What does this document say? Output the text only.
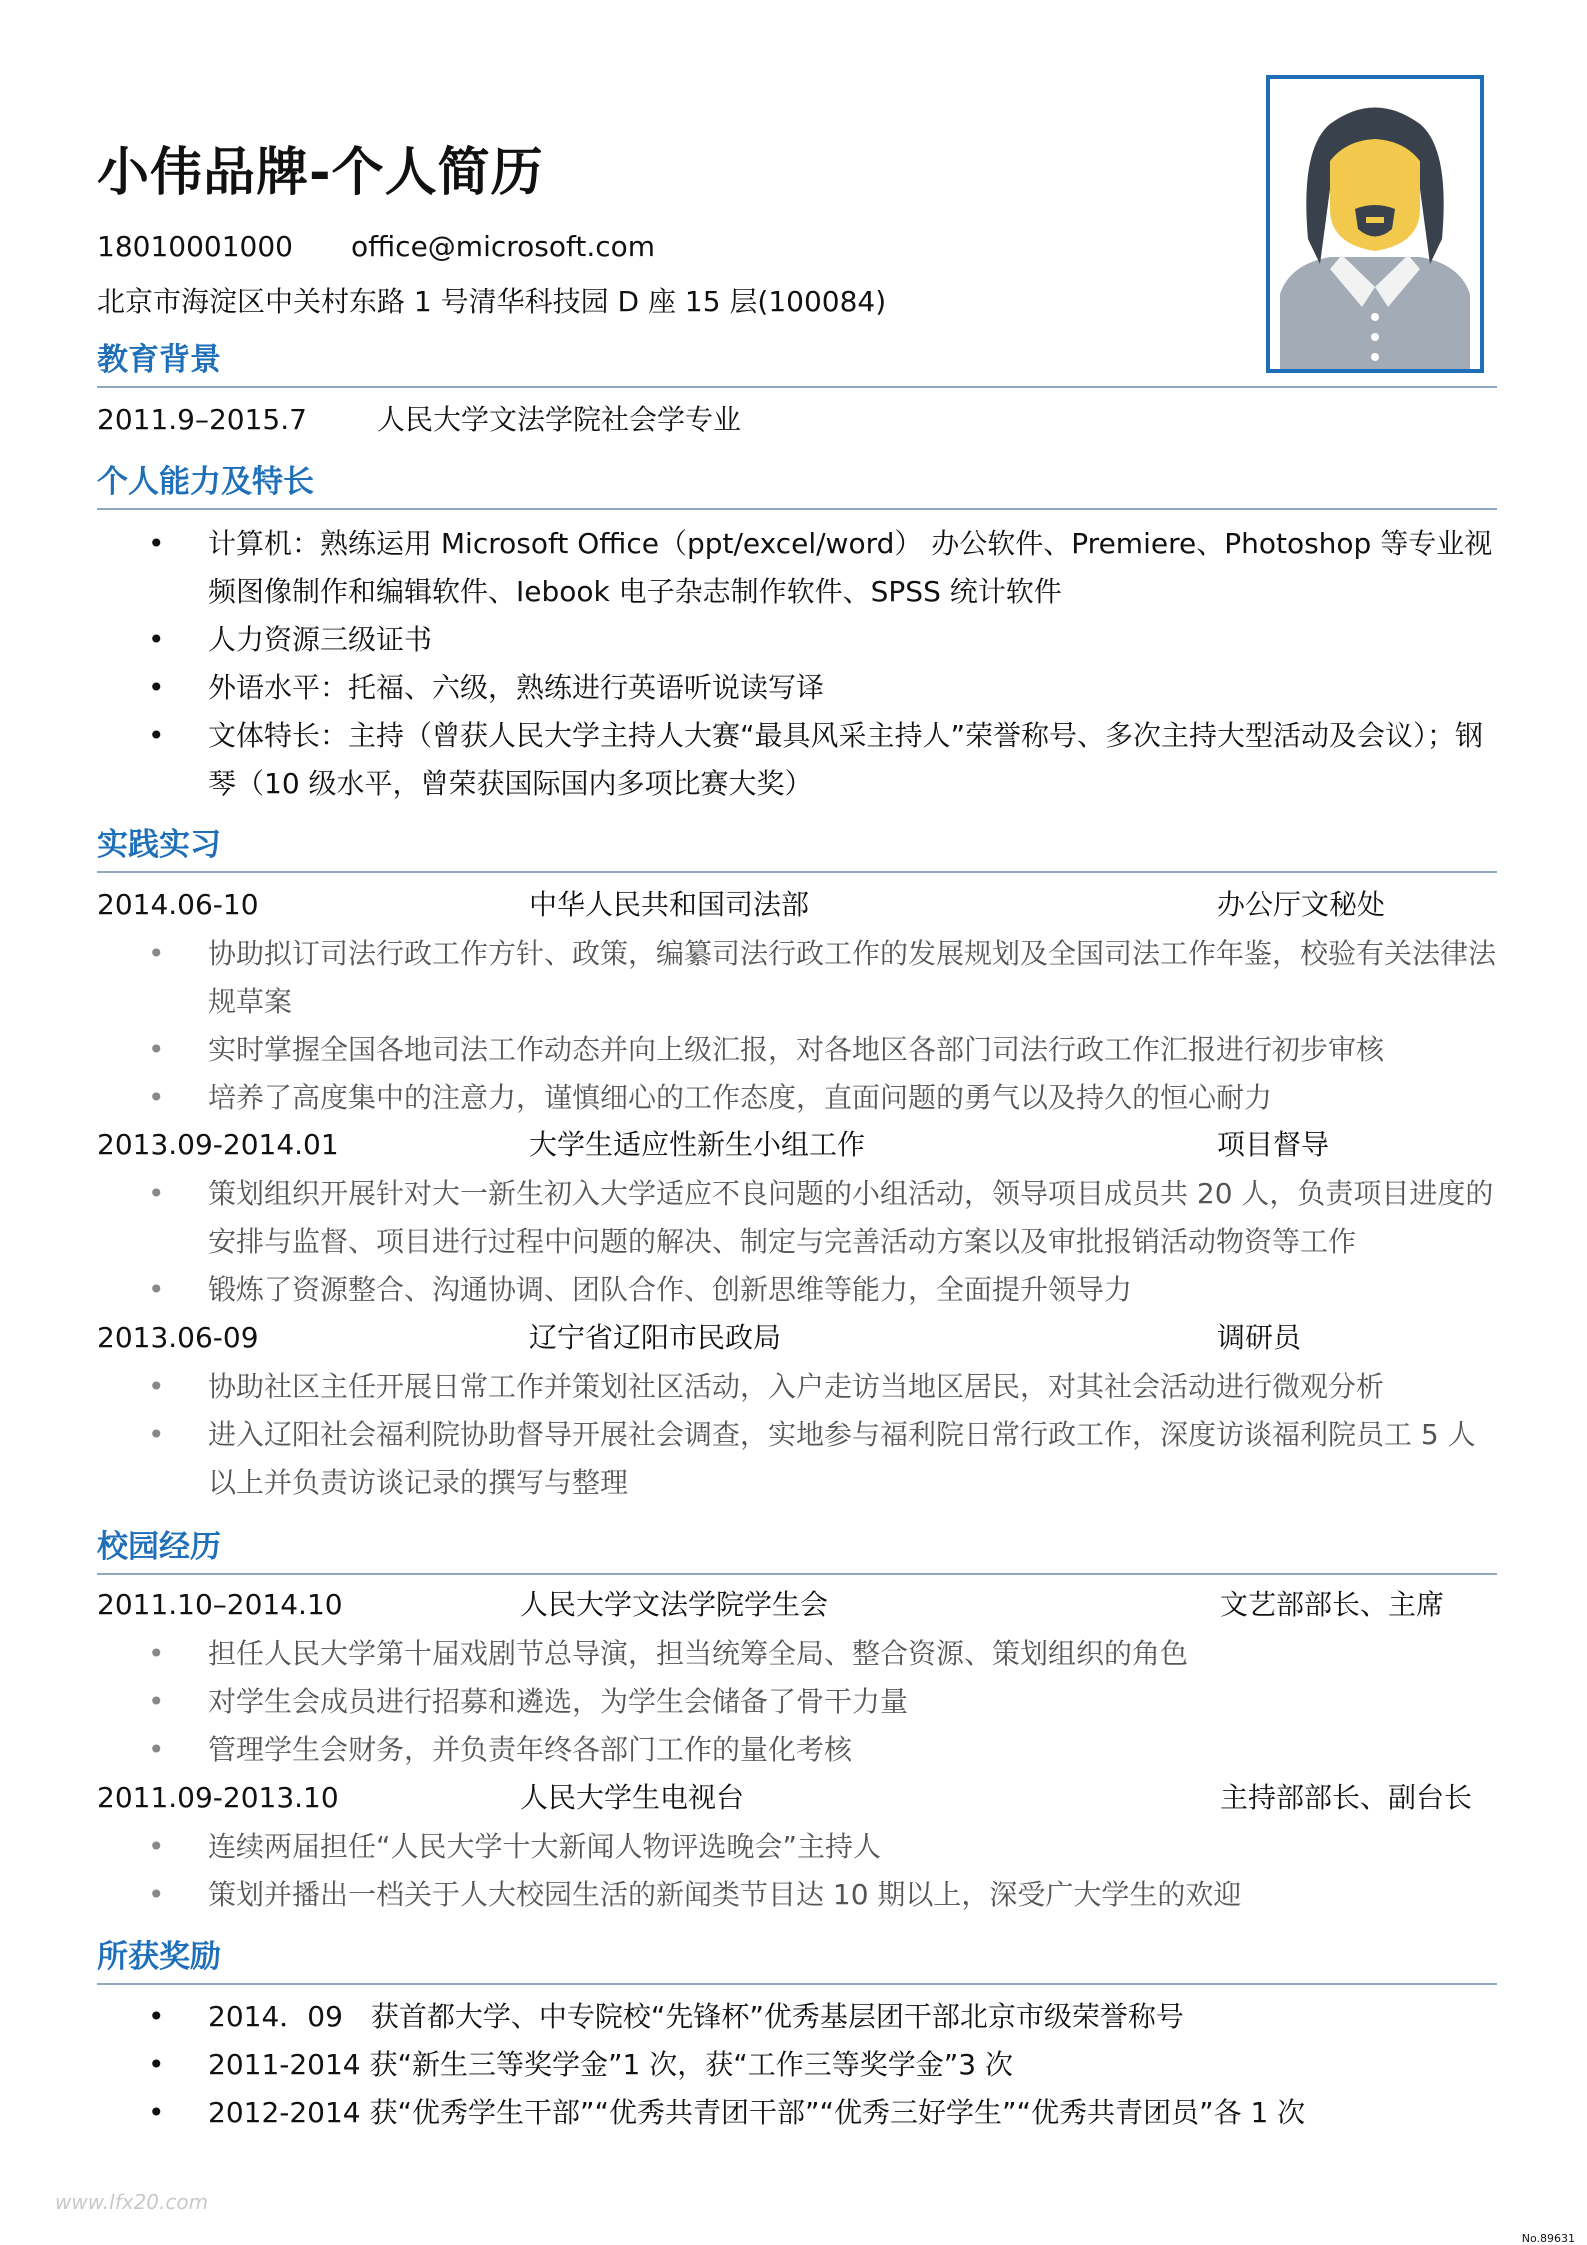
小伟品牌-个人简历
18010001000 office@microsoft.com
北京市海淀区中关村东路 1 号清华科技园 D 座 15 层(100084)
教育背景
2011.9–2015.7	人民大学文法学院社会学专业
个人能力及特长
• 计算机：熟练运用 Microsoft Office（ppt/excel/word） 办公软件、Premiere、Photoshop 等专业视频图像制作和编辑软件、Iebook 电子杂志制作软件、SPSS 统计软件
• 人力资源三级证书
• 外语水平：托福、六级，熟练进行英语听说读写译
• 文体特长：主持（曾获人民大学主持人大赛“最具风采主持人”荣誉称号、多次主持大型活动及会议）；钢琴（10 级水平，曾荣获国际国内多项比赛大奖）
实践实习
2014.06-10	中华人民共和国司法部	办公厅文秘处
• 协助拟订司法行政工作方针、政策，编纂司法行政工作的发展规划及全国司法工作年鉴，校验有关法律法规草案
• 实时掌握全国各地司法工作动态并向上级汇报，对各地区各部门司法行政工作汇报进行初步审核
• 培养了高度集中的注意力，谨慎细心的工作态度，直面问题的勇气以及持久的恒心耐力
2013.09-2014.01	大学生适应性新生小组工作	项目督导
• 策划组织开展针对大一新生初入大学适应不良问题的小组活动，领导项目成员共 20 人，负责项目进度的安排与监督、项目进行过程中问题的解决、制定与完善活动方案以及审批报销活动物资等工作
• 锻炼了资源整合、沟通协调、团队合作、创新思维等能力，全面提升领导力
2013.06-09	辽宁省辽阳市民政局	调研员
• 协助社区主任开展日常工作并策划社区活动，入户走访当地区居民，对其社会活动进行微观分析
• 进入辽阳社会福利院协助督导开展社会调查，实地参与福利院日常行政工作，深度访谈福利院员工 5 人以上并负责访谈记录的撰写与整理
校园经历
2011.10–2014.10	人民大学文法学院学生会	文艺部部长、主席
• 担任人民大学第十届戏剧节总导演，担当统筹全局、整合资源、策划组织的角色
• 对学生会成员进行招募和遴选，为学生会储备了骨干力量
• 管理学生会财务，并负责年终各部门工作的量化考核
2011.09-2013.10	人民大学生电视台	主持部部长、副台长
• 连续两届担任“人民大学十大新闻人物评选晚会”主持人
• 策划并播出一档关于人大校园生活的新闻类节目达 10 期以上，深受广大学生的欢迎
所获奖励
• 2014．09　获首都大学、中专院校“先锋杯”优秀基层团干部北京市级荣誉称号
• 2011-2014 获“新生三等奖学金”1 次，获“工作三等奖学金”3 次
• 2012-2014 获“优秀学生干部”“优秀共青团干部”“优秀三好学生”“优秀共青团员”各 1 次
www.lfx20.com
No.89631
